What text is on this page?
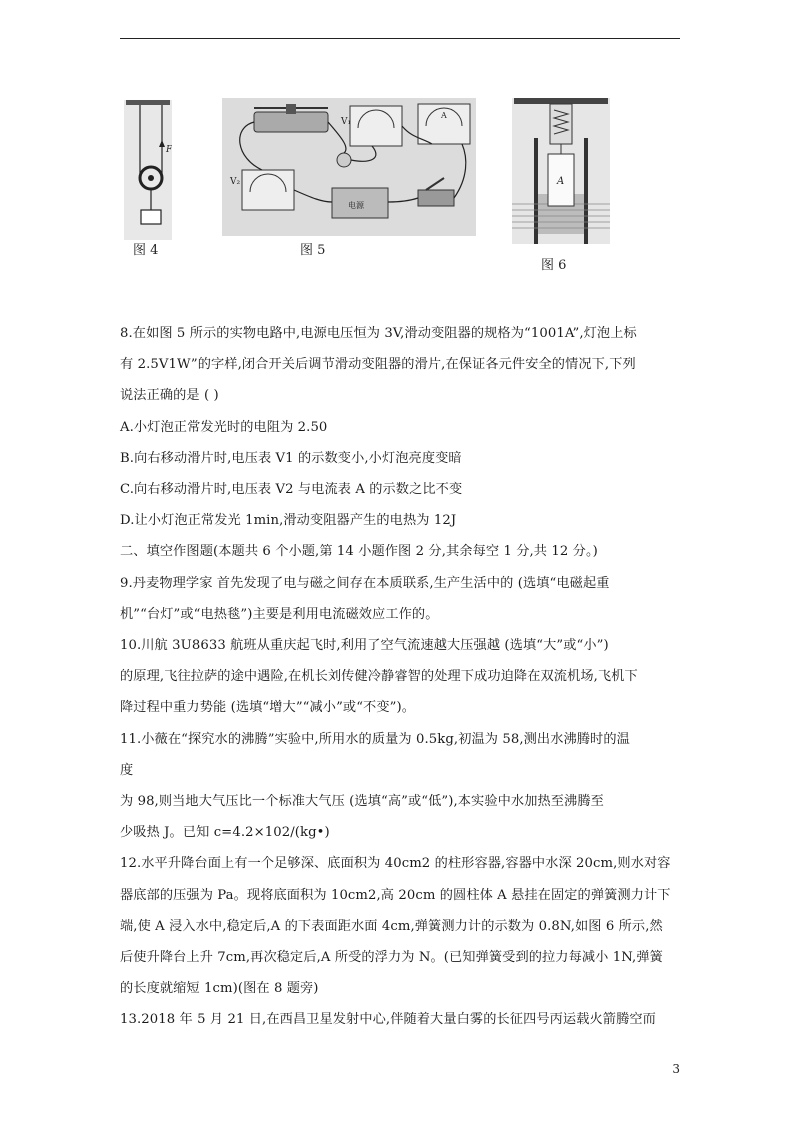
F
图 4
V₁
A
V₂
电源
图 5
A
图 6

8.在如图 5 所示的实物电路中,电源电压恒为 3V,滑动变阻器的规格为“1001A”,灯泡上标

有 2.5V1W”的字样,闭合开关后调节滑动变阻器的滑片,在保证各元件安全的情况下,下列

说法正确的是 ( )

A.小灯泡正常发光时的电阻为 2.50

B.向右移动滑片时,电压表 V1 的示数变小,小灯泡亮度变暗

C.向右移动滑片时,电压表 V2 与电流表 A 的示数之比不变

D.让小灯泡正常发光 1min,滑动变阻器产生的电热为 12J

二、填空作图题(本题共 6 个小题,第 14 小题作图 2 分,其余每空 1 分,共 12 分。)

9.丹麦物理学家 首先发现了电与磁之间存在本质联系,生产生活中的 (选填“电磁起重

机”“台灯”或“电热毯”)主要是利用电流磁效应工作的。

10.川航 3U8633 航班从重庆起飞时,利用了空气流速越大压强越 (选填“大”或“小”)

的原理,飞往拉萨的途中遇险,在机长刘传健冷静睿智的处理下成功迫降在双流机场,飞机下

降过程中重力势能 (选填“增大”“减小”或“不变”)。

11.小薇在“探究水的沸腾”实验中,所用水的质量为 0.5kg,初温为 58,测出水沸腾时的温

度

为 98,则当地大气压比一个标准大气压 (选填“高”或“低”),本实验中水加热至沸腾至

少吸热 J。已知 c=4.2×102/(kg•)

12.水平升降台面上有一个足够深、底面积为 40cm2 的柱形容器,容器中水深 20cm,则水对容

器底部的压强为 Pa。现将底面积为 10cm2,高 20cm 的圆柱体 A 悬挂在固定的弹簧测力计下

端,使 A 浸入水中,稳定后,A 的下表面距水面 4cm,弹簧测力计的示数为 0.8N,如图 6 所示,然

后使升降台上升 7cm,再次稳定后,A 所受的浮力为 N。(已知弹簧受到的拉力每减小 1N,弹簧

的长度就缩短 1cm)(图在 8 题旁)

13.2018 年 5 月 21 日,在西昌卫星发射中心,伴随着大量白雾的长征四号丙运载火箭腾空而

3
